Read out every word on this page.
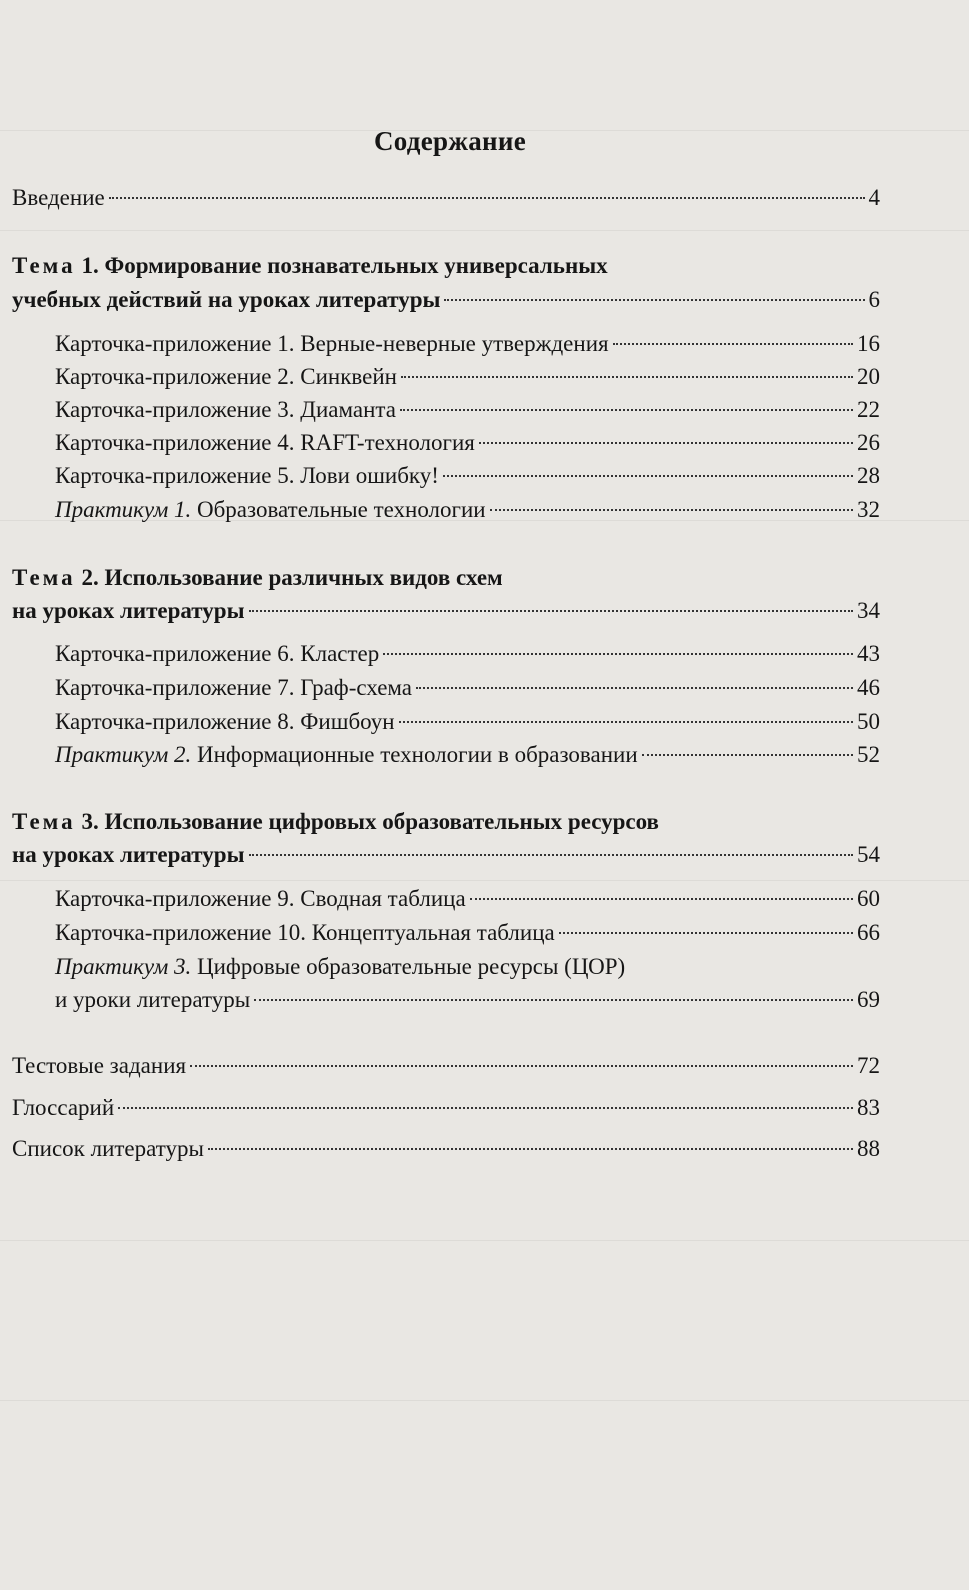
Содержание
Введение	4
Тема 1. Формирование познавательных универсальных
учебных действий на уроках литературы	6
Карточка-приложение 1. Верные-неверные утверждения	16
Карточка-приложение 2. Синквейн	20
Карточка-приложение 3. Диаманта	22
Карточка-приложение 4. RAFT-технология	26
Карточка-приложение 5. Лови ошибку!	28
Практикум 1. Образовательные технологии	32
Тема 2. Использование различных видов схем
на уроках литературы	34
Карточка-приложение 6. Кластер	43
Карточка-приложение 7. Граф-схема	46
Карточка-приложение 8. Фишбоун	50
Практикум 2. Информационные технологии в образовании	52
Тема 3. Использование цифровых образовательных ресурсов
на уроках литературы	54
Карточка-приложение 9. Сводная таблица	60
Карточка-приложение 10. Концептуальная таблица	66
Практикум 3. Цифровые образовательные ресурсы (ЦОР)
и уроки литературы	69
Тестовые задания	72
Глоссарий	83
Список литературы	88
